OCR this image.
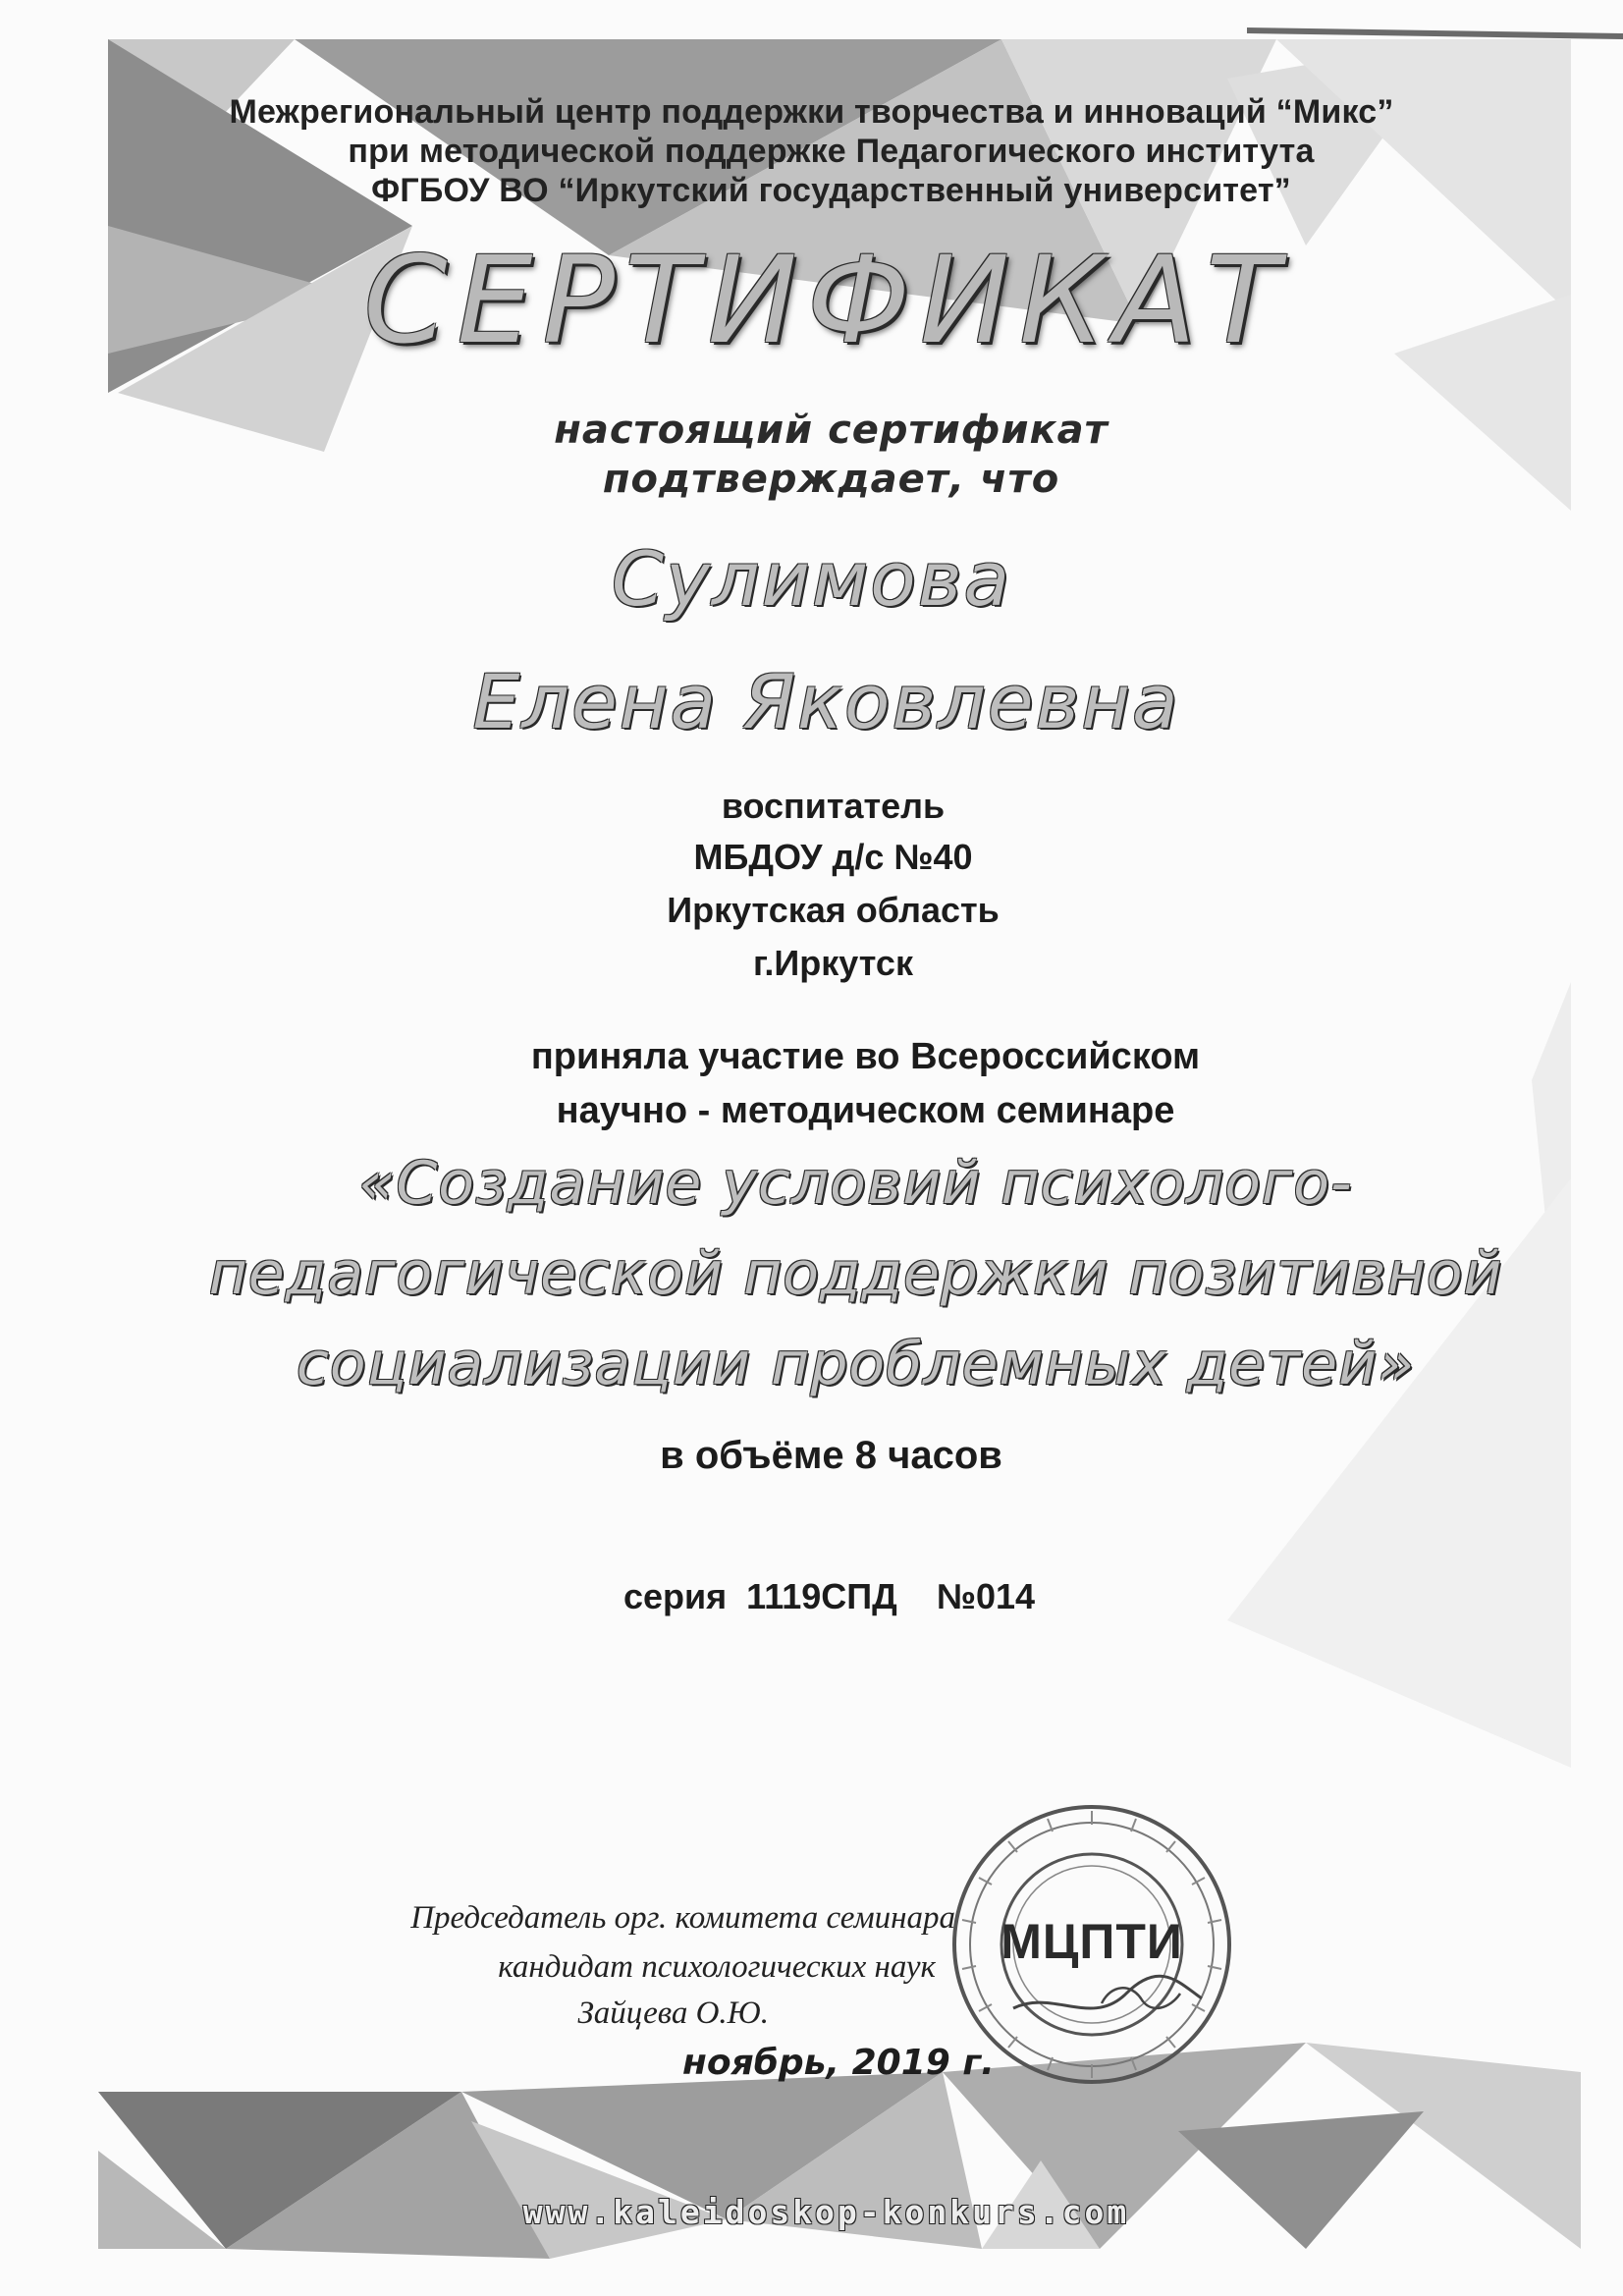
Межрегиональный центр поддержки творчества и инноваций “Микс”
при методической поддержке Педагогического института
ФГБОУ ВО “Иркутский государственный университет”
СЕРТИФИКАТ
настоящий сертификат
подтверждает, что
Сулимова
Елена Яковлевна
воспитатель
МБДОУ д/с №40
Иркутская область
г.Иркутск
приняла участие во Всероссийском
научно - методическом семинаре
«Создание условий психолого-
педагогической поддержки позитивной
социализации проблемных детей»
в объёме 8 часов
серия 1119СПД №014
Председатель орг. комитета семинара
кандидат психологических наук
Зайцева О.Ю.
ноябрь, 2019 г.
МЦПТИ
www.kaleidoskop-konkurs.com
